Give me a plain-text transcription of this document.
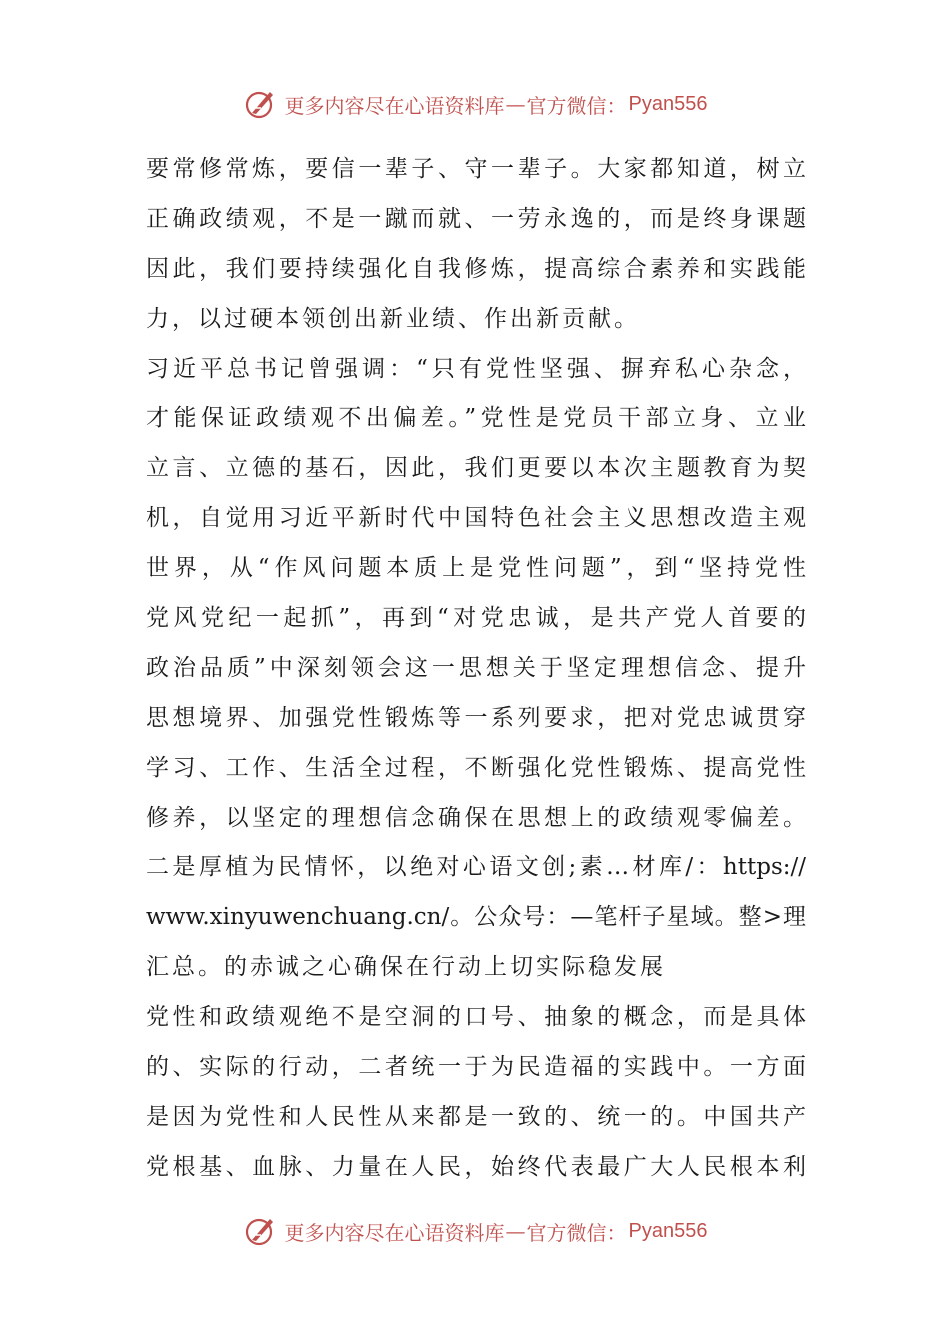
更多内容尽在心语资料库 — 官方微信： Pyan556
要常修常炼，要信一辈子、守一辈子。大家都知道，树立
正确政绩观，不是一蹴而就、一劳永逸的，而是终身课题
因此，我们要持续强化自我修炼，提高综合素养和实践能
力，以过硬本领创出新业绩、作出新贡献。
习近平总书记曾强调：“只有党性坚强、摒弃私心杂念，
才能保证政绩观不出偏差。”党性是党员干部立身、立业
立言、立德的基石，因此，我们更要以本次主题教育为契
机，自觉用习近平新时代中国特色社会主义思想改造主观
世界，从“作风问题本质上是党性问题”，到“坚持党性
党风党纪一起抓”，再到“对党忠诚，是共产党人首要的
政治品质”中深刻领会这一思想关于坚定理想信念、提升
思想境界、加强党性锻炼等一系列要求，把对党忠诚贯穿
学习、工作、生活全过程，不断强化党性锻炼、提高党性
修养，以坚定的理想信念确保在思想上的政绩观零偏差。
二是厚植为民情怀，以绝对心语文创;素…材库/：https://
www.xinyuwenchuang.cn/。公众号：—笔杆子星域。整>理
汇总。的赤诚之心确保在行动上切实际稳发展
党性和政绩观绝不是空洞的口号、抽象的概念，而是具体
的、实际的行动，二者统一于为民造福的实践中。一方面
是因为党性和人民性从来都是一致的、统一的。中国共产
党根基、血脉、力量在人民，始终代表最广大人民根本利
更多内容尽在心语资料库 — 官方微信： Pyan556
